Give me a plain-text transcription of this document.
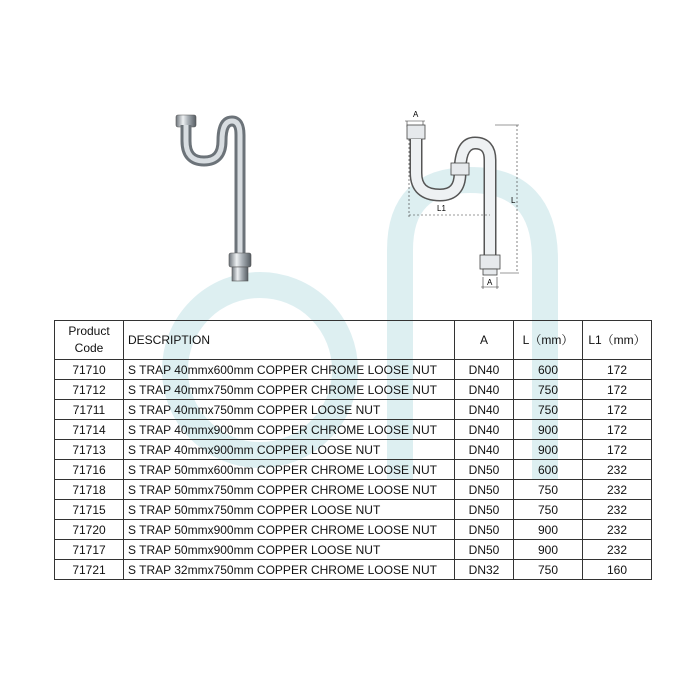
A
L1
L
A
Product
Code	DESCRIPTION	A	L（mm）	L1（mm）
71710	S TRAP 40mmx600mm COPPER CHROME LOOSE NUT	DN40	600	172
71712	S TRAP 40mmx750mm COPPER CHROME LOOSE NUT	DN40	750	172
71711	S TRAP 40mmx750mm COPPER LOOSE NUT	DN40	750	172
71714	S TRAP 40mmx900mm COPPER CHROME LOOSE NUT	DN40	900	172
71713	S TRAP 40mmx900mm COPPER LOOSE NUT	DN40	900	172
71716	S TRAP 50mmx600mm COPPER CHROME LOOSE NUT	DN50	600	232
71718	S TRAP 50mmx750mm COPPER CHROME LOOSE NUT	DN50	750	232
71715	S TRAP 50mmx750mm COPPER LOOSE NUT	DN50	750	232
71720	S TRAP 50mmx900mm COPPER CHROME LOOSE NUT	DN50	900	232
71717	S TRAP 50mmx900mm COPPER LOOSE NUT	DN50	900	232
71721	S TRAP 32mmx750mm COPPER CHROME LOOSE NUT	DN32	750	160
